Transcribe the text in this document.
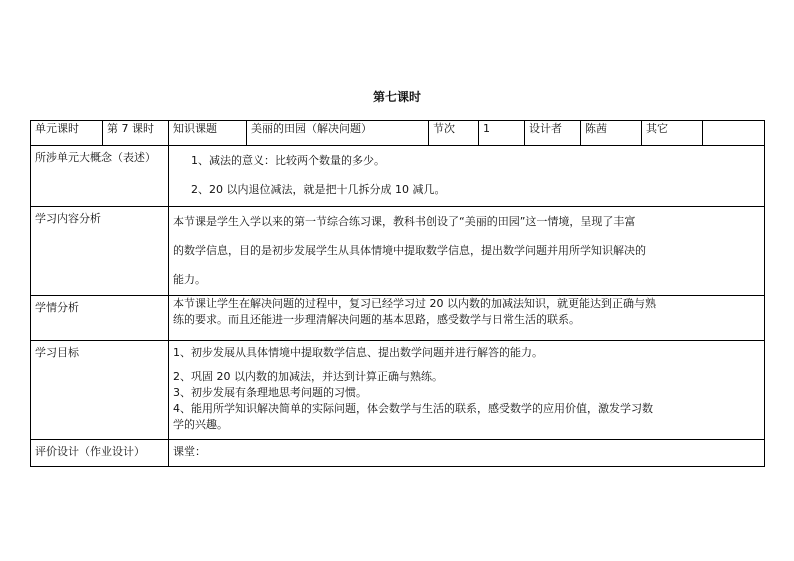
第七课时
单元课时	第 7 课时	知识课题	美丽的田园（解决问题）	节次	1	设计者	陈茜	其它	
所涉单元大概念（表述）		1、减法的意义：比较两个数量的多少。

2、20 以内退位减法，就是把十几拆分成 10 减几。							

学习内容分析		本节课是学生入学以来的第一节综合练习课，教科书创设了“美丽的田园”这一情境，呈现了丰富

的数学信息，目的是初步发展学生从具体情境中提取数学信息，提出数学问题并用所学知识解决的

能力。							

学情分析		本节课让学生在解决问题的过程中，复习已经学习过 20 以内数的加减法知识，就更能达到正确与熟
练的要求。而且还能进一步理清解决问题的基本思路，感受数学与日常生活的联系。							

学习目标		1、初步发展从具体情境中提取数学信息、提出数学问题并进行解答的能力。
2、巩固 20 以内数的加减法，并达到计算正确与熟练。
3、初步发展有条理地思考问题的习惯。
4、能用所学知识解决简单的实际问题，体会数学与生活的联系，感受数学的应用价值，激发学习数
学的兴趣。							

评价设计（作业设计）		课堂：							
